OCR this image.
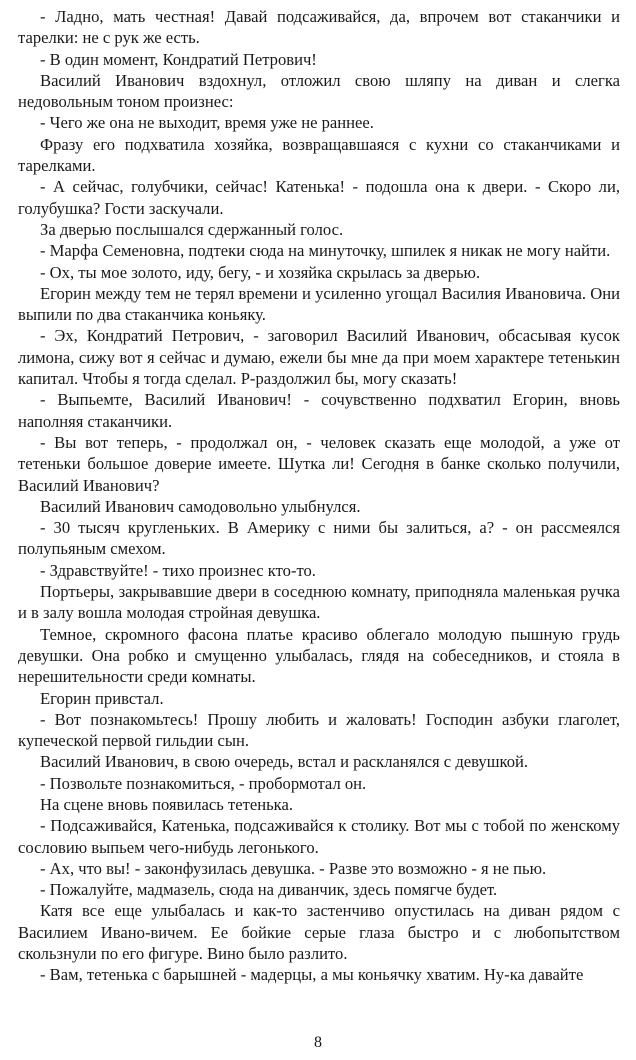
- Ладно, мать честная! Давай подсаживайся, да, впрочем вот стаканчики и тарелки: не с рук же есть.

- В один момент, Кондратий Петрович!

Василий Иванович вздохнул, отложил свою шляпу на диван и слегка недовольным тоном произнес:

- Чего же она не выходит, время уже не раннее.

Фразу его подхватила хозяйка, возвращавшаяся с кухни со стаканчиками и тарелками.

- А сейчас, голубчики, сейчас! Катенька! - подошла она к двери. - Скоро ли, голубушка? Гости заскучали.

За дверью послышался сдержанный голос.

- Марфа Семеновна, подтеки сюда на минуточку, шпилек я никак не могу найти.

- Ох, ты мое золото, иду, бегу, - и хозяйка скрылась за дверью.

Егорин между тем не терял времени и усиленно угощал Василия Ивановича. Они выпили по два стаканчика коньяку.

- Эх, Кондратий Петрович, - заговорил Василий Иванович, обсасывая кусок лимона, сижу вот я сейчас и думаю, ежели бы мне да при моем характере тетенькин капитал. Чтобы я тогда сделал. Р-раздолжил бы, могу сказать!

- Выпьемте, Василий Иванович! - сочувственно подхватил Егорин, вновь наполняя стаканчики.

- Вы вот теперь, - продолжал он, - человек сказать еще молодой, а уже от тетеньки большое доверие имеете. Шутка ли! Сегодня в банке сколько получили, Василий Иванович?

Василий Иванович самодовольно улыбнулся.

- 30 тысяч кругленьких. В Америку с ними бы залиться, а? - он рассмеялся полупьяным смехом.

- Здравствуйте! - тихо произнес кто-то.

Портьеры, закрывавшие двери в соседнюю комнату, приподняла маленькая ручка и в залу вошла молодая стройная девушка.

Темное, скромного фасона платье красиво облегало молодую пышную грудь девушки. Она робко и смущенно улыбалась, глядя на собеседников, и стояла в нерешительности среди комнаты.

Егорин привстал.

- Вот познакомьтесь! Прошу любить и жаловать! Господин азбуки глаголет, купеческой первой гильдии сын.

Василий Иванович, в свою очередь, встал и раскланялся с девушкой.

- Позвольте познакомиться, - пробормотал он.

На сцене вновь появилась тетенька.

- Подсаживайся, Катенька, подсаживайся к столику. Вот мы с тобой по женскому сословию выпьем чего-нибудь легонького.

- Ах, что вы! - законфузилась девушка. - Разве это возможно - я не пью.

- Пожалуйте, мадмазель, сюда на диванчик, здесь помягче будет.

Катя все еще улыбалась и как-то застенчиво опустилась на диван рядом с Василием Ивано-вичем. Ее бойкие серые глаза быстро и с любопытством скользнули по его фигуре. Вино было разлито.

- Вам, тетенька с барышней - мадерцы, а мы коньячку хватим. Ну-ка давайте

8
